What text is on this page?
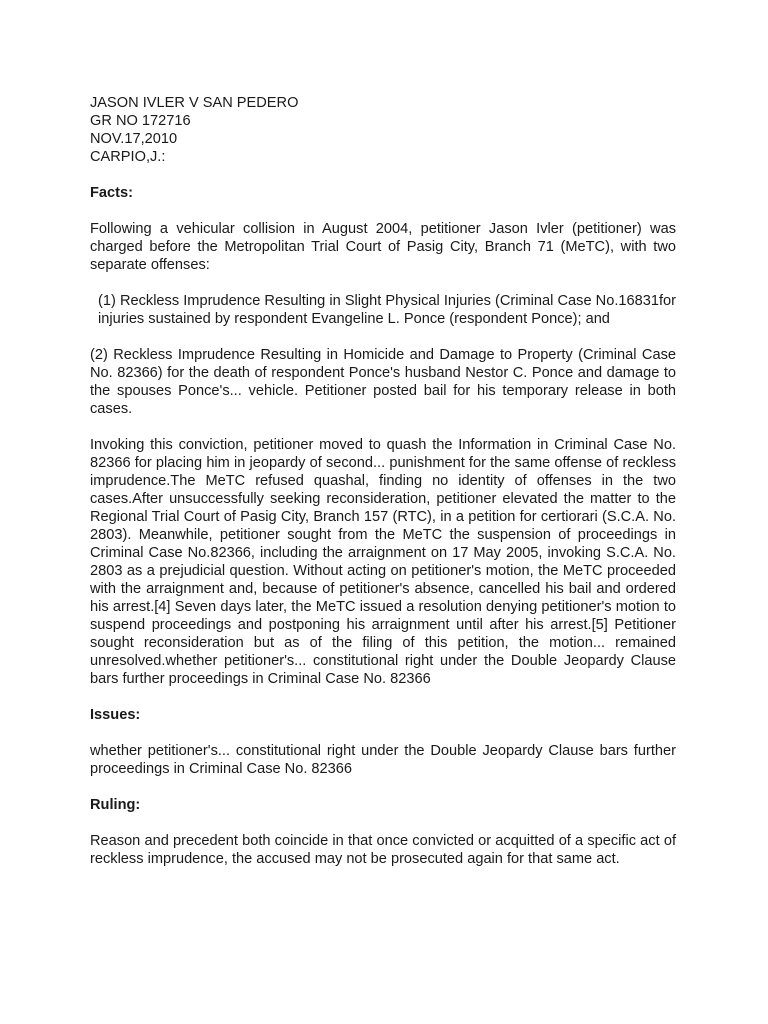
JASON IVLER V SAN PEDERO
GR NO 172716
NOV.17,2010
CARPIO,J.:
Facts:

Following a vehicular collision in August 2004, petitioner Jason Ivler (petitioner) was charged before the Metropolitan Trial Court of Pasig City, Branch 71 (MeTC), with two separate offenses:

(1) Reckless Imprudence Resulting in Slight Physical Injuries (Criminal Case No.16831for injuries sustained by respondent Evangeline L. Ponce (respondent Ponce); and

(2) Reckless Imprudence Resulting in Homicide and Damage to Property (Criminal Case No. 82366) for the death of respondent Ponce's husband Nestor C. Ponce and damage to the spouses Ponce's... vehicle. Petitioner posted bail for his temporary release in both cases.

Invoking this conviction, petitioner moved to quash the Information in Criminal Case No. 82366 for placing him in jeopardy of second... punishment for the same offense of reckless imprudence.The MeTC refused quashal, finding no identity of offenses in the two cases.After unsuccessfully seeking reconsideration, petitioner elevated the matter to the Regional Trial Court of Pasig City, Branch 157 (RTC), in a petition for certiorari (S.C.A. No. 2803). Meanwhile, petitioner sought from the MeTC the suspension of proceedings in Criminal Case No.82366, including the arraignment on 17 May 2005, invoking S.C.A. No. 2803 as a prejudicial question. Without acting on petitioner's motion, the MeTC proceeded with the arraignment and, because of petitioner's absence, cancelled his bail and ordered his arrest.[4] Seven days later, the MeTC issued a resolution denying petitioner's motion to suspend proceedings and postponing his arraignment until after his arrest.[5] Petitioner sought reconsideration but as of the filing of this petition, the motion... remained unresolved.whether petitioner's... constitutional right under the Double Jeopardy Clause bars further proceedings in Criminal Case No. 82366

Issues:

whether petitioner's... constitutional right under the Double Jeopardy Clause bars further proceedings in Criminal Case No. 82366

Ruling:

Reason and precedent both coincide in that once convicted or acquitted of a specific act of reckless imprudence, the accused may not be prosecuted again for that same act.
